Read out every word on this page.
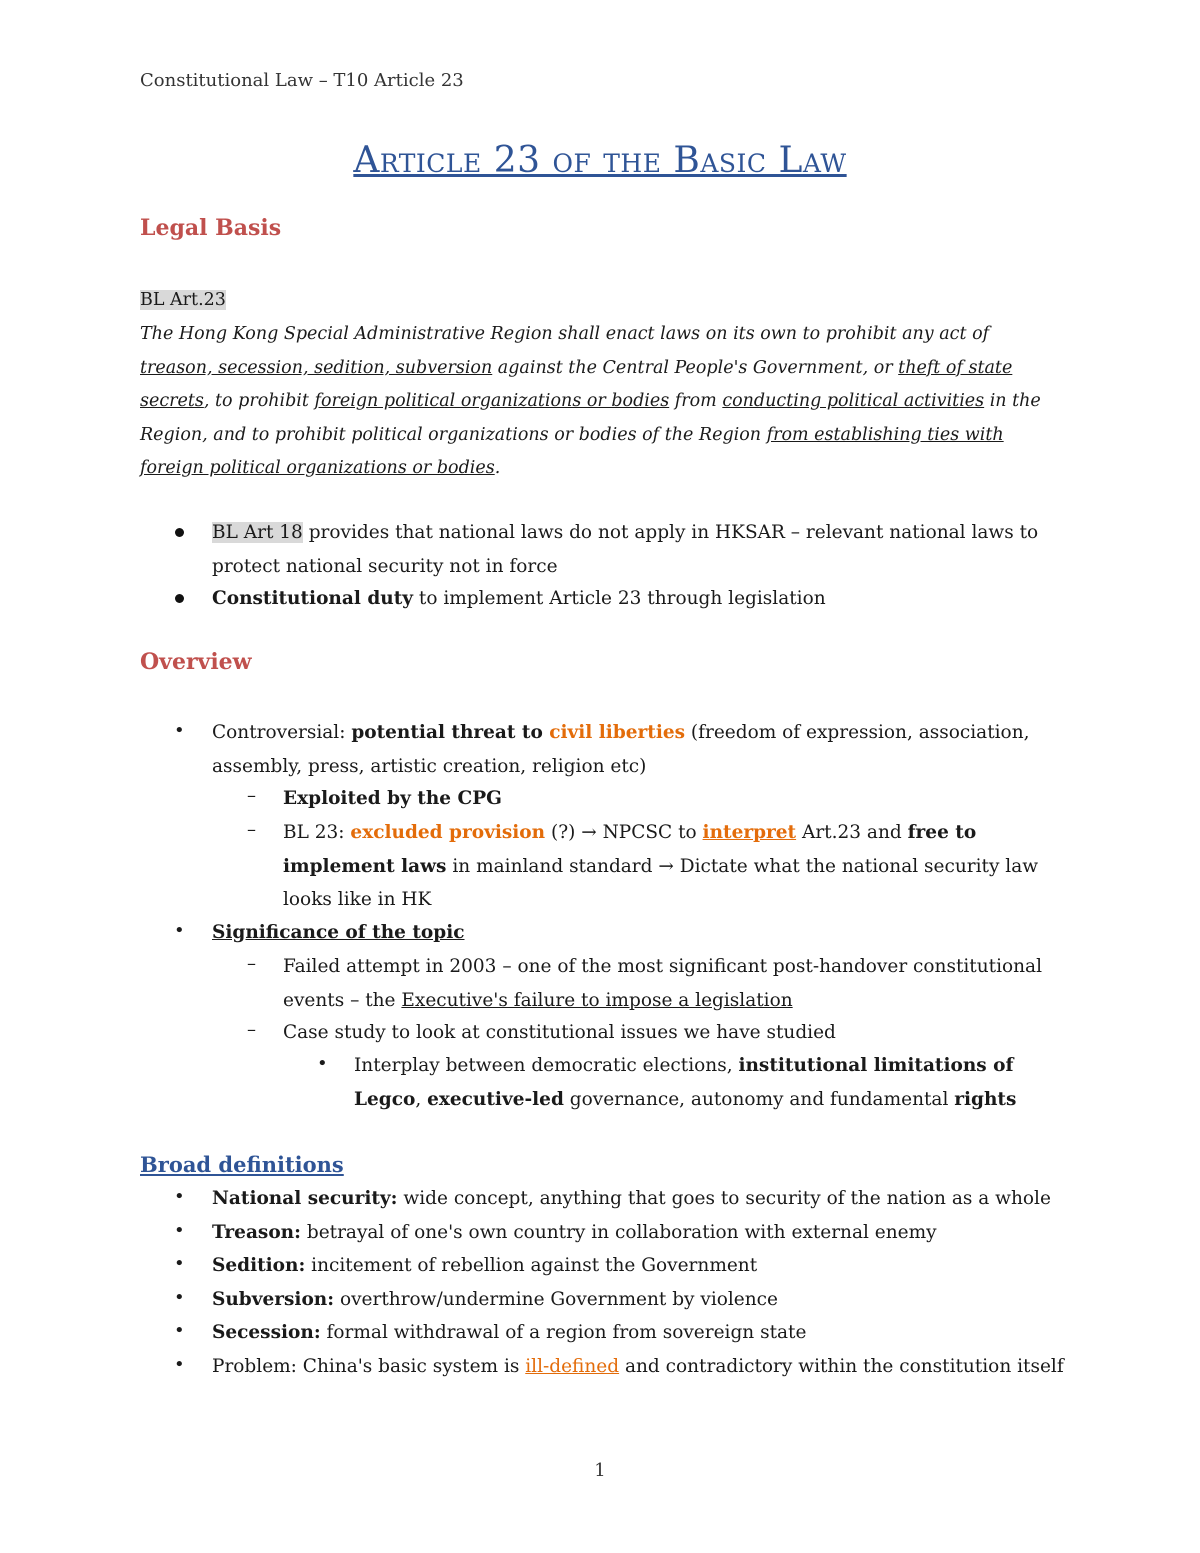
Constitutional Law – T10 Article 23
Article 23 of the Basic Law
Legal Basis
BL Art.23
The Hong Kong Special Administrative Region shall enact laws on its own to prohibit any act of
treason, secession, sedition, subversion against the Central People's Government, or theft of state
secrets, to prohibit foreign political organizations or bodies from conducting political activities in the
Region, and to prohibit political organizations or bodies of the Region from establishing ties with
foreign political organizations or bodies.
BL Art 18 provides that national laws do not apply in HKSAR – relevant national laws to
protect national security not in force
Constitutional duty to implement Article 23 through legislation
Overview
• Controversial: potential threat to civil liberties (freedom of expression, association,
assembly, press, artistic creation, religion etc)
– Exploited by the CPG
– BL 23: excluded provision (?) → NPCSC to interpret Art.23 and free to
implement laws in mainland standard → Dictate what the national security law
looks like in HK
• Significance of the topic
– Failed attempt in 2003 – one of the most significant post-handover constitutional
events – the Executive's failure to impose a legislation
– Case study to look at constitutional issues we have studied
• Interplay between democratic elections, institutional limitations of
Legco, executive-led governance, autonomy and fundamental rights
Broad definitions
• National security: wide concept, anything that goes to security of the nation as a whole
• Treason: betrayal of one's own country in collaboration with external enemy
• Sedition: incitement of rebellion against the Government
• Subversion: overthrow/undermine Government by violence
• Secession: formal withdrawal of a region from sovereign state
• Problem: China's basic system is ill-defined and contradictory within the constitution itself
1
